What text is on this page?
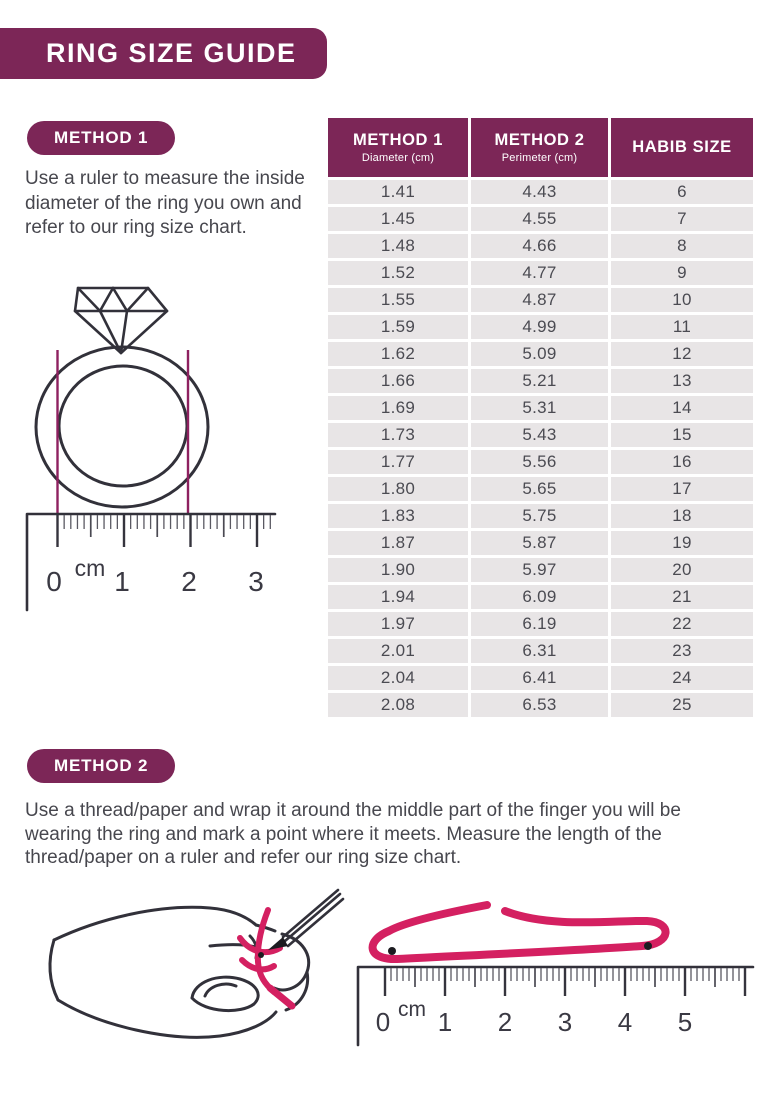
RING SIZE GUIDE
METHOD 1

Use a ruler to measure the inside diameter of the ring you own and refer to our ring size chart.

0 cm 1 2 3
METHOD 1
Diameter (cm)
METHOD 2
Perimeter (cm)
HABIB SIZE
1.41	4.43	6
1.45	4.55	7
1.48	4.66	8
1.52	4.77	9
1.55	4.87	10
1.59	4.99	11
1.62	5.09	12
1.66	5.21	13
1.69	5.31	14
1.73	5.43	15
1.77	5.56	16
1.80	5.65	17
1.83	5.75	18
1.87	5.87	19
1.90	5.97	20
1.94	6.09	21
1.97	6.19	22
2.01	6.31	23
2.04	6.41	24
2.08	6.53	25
METHOD 2

Use a thread/paper and wrap it around the middle part of the finger you will be wearing the ring and mark a point where it meets. Measure the length of the thread/paper on a ruler and refer our ring size chart.

0 cm 1 2 3 4 5
